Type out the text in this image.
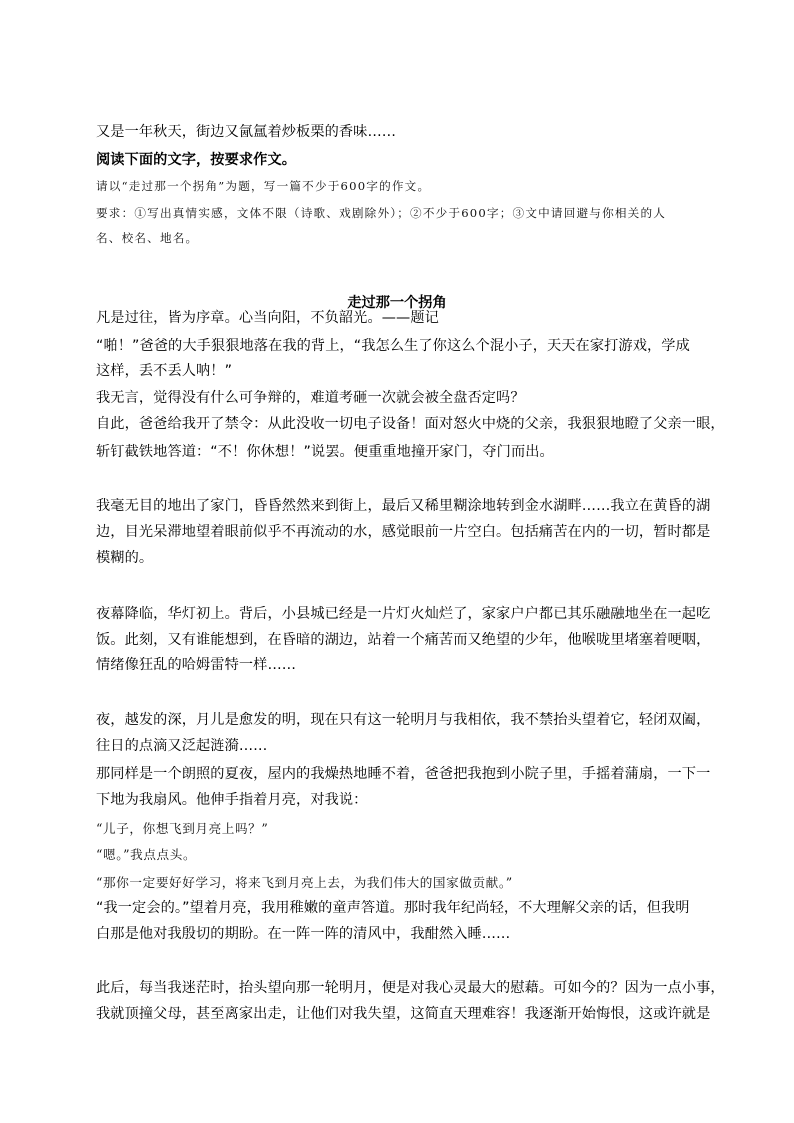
又是一年秋天，街边又氤氲着炒板栗的香味……

阅读下面的文字，按要求作文。

请以“走过那一个拐角”为题，写一篇不少于600字的作文。

要求：①写出真情实感，文体不限（诗歌、戏剧除外）；②不少于600字；③文中请回避与你相关的人

名、校名、地名。

走过那一个拐角

凡是过往，皆为序章。心当向阳，不负韶光。——题记

“啪！”爸爸的大手狠狠地落在我的背上，“我怎么生了你这么个混小子，天天在家打游戏，学成

这样，丢不丢人呐！”

我无言，觉得没有什么可争辩的，难道考砸一次就会被全盘否定吗？

自此，爸爸给我开了禁令：从此没收一切电子设备！面对怒火中烧的父亲，我狠狠地瞪了父亲一眼，

斩钉截铁地答道：“不！你休想！”说罢。便重重地撞开家门，夺门而出。

我毫无目的地出了家门，昏昏然然来到街上，最后又稀里糊涂地转到金水湖畔……我立在黄昏的湖

边，目光呆滞地望着眼前似乎不再流动的水，感觉眼前一片空白。包括痛苦在内的一切，暂时都是

模糊的。

夜幕降临，华灯初上。背后，小县城已经是一片灯火灿烂了，家家户户都已其乐融融地坐在一起吃

饭。此刻，又有谁能想到，在昏暗的湖边，站着一个痛苦而又绝望的少年，他喉咙里堵塞着哽咽，

情绪像狂乱的哈姆雷特一样……

夜，越发的深，月儿是愈发的明，现在只有这一轮明月与我相依，我不禁抬头望着它，轻闭双阖，

往日的点滴又泛起涟漪……

那同样是一个朗照的夏夜，屋内的我燥热地睡不着，爸爸把我抱到小院子里，手摇着蒲扇，一下一

下地为我扇风。他伸手指着月亮，对我说：

“儿子，你想飞到月亮上吗？”

“嗯。”我点点头。

“那你一定要好好学习，将来飞到月亮上去，为我们伟大的国家做贡献。”

“我一定会的。”望着月亮，我用稚嫩的童声答道。那时我年纪尚轻，不大理解父亲的话，但我明

白那是他对我殷切的期盼。在一阵一阵的清风中，我酣然入睡……

此后，每当我迷茫时，抬头望向那一轮明月，便是对我心灵最大的慰藉。可如今的？因为一点小事，

我就顶撞父母，甚至离家出走，让他们对我失望，这简直天理难容！我逐渐开始悔恨，这或许就是
